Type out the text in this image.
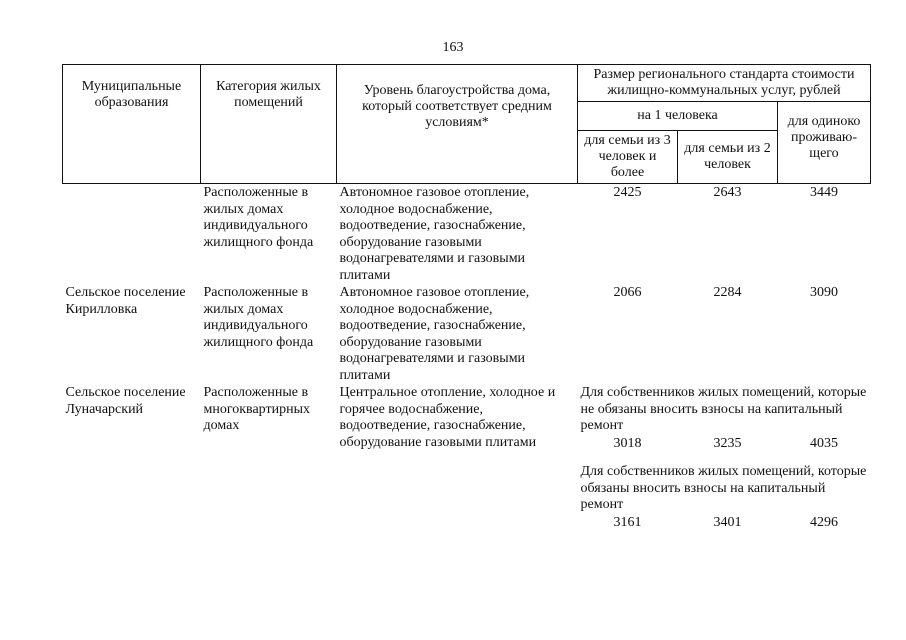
163
Муниципальные образования	Категория жилых помещений	Уровень благоустройства дома, который соответствует средним условиям*	Размер регионального стандарта стоимости жилищно-коммунальных услуг, рублей		
			на 1 человека		для одиноко проживаю-щего
			для семьи из 3 человек и более	для семьи из 2 человек	
	Расположенные в жилых домах индивидуального жилищного фонда	Автономное газовое отопление, холодное водоснабжение, водоотведение, газоснабжение, оборудование газовыми водонагревателями и газовыми плитами	2425	2643	3449
Сельское поселение Кирилловка	Расположенные в жилых домах индивидуального жилищного фонда	Автономное газовое отопление, холодное водоснабжение, водоотведение, газоснабжение, оборудование газовыми водонагревателями и газовыми плитами	2066	2284	3090
Сельское поселение Луначарский	Расположенные в многоквартирных домах	Центральное отопление, холодное и горячее водоснабжение, водоотведение, газоснабжение, оборудование газовыми плитами	Для собственников жилых помещений, которые не обязаны вносить взносы на капитальный ремонт		
			3018	3235	4035

			Для собственников жилых помещений, которые обязаны вносить взносы на капитальный ремонт		
			3161	3401	4296
